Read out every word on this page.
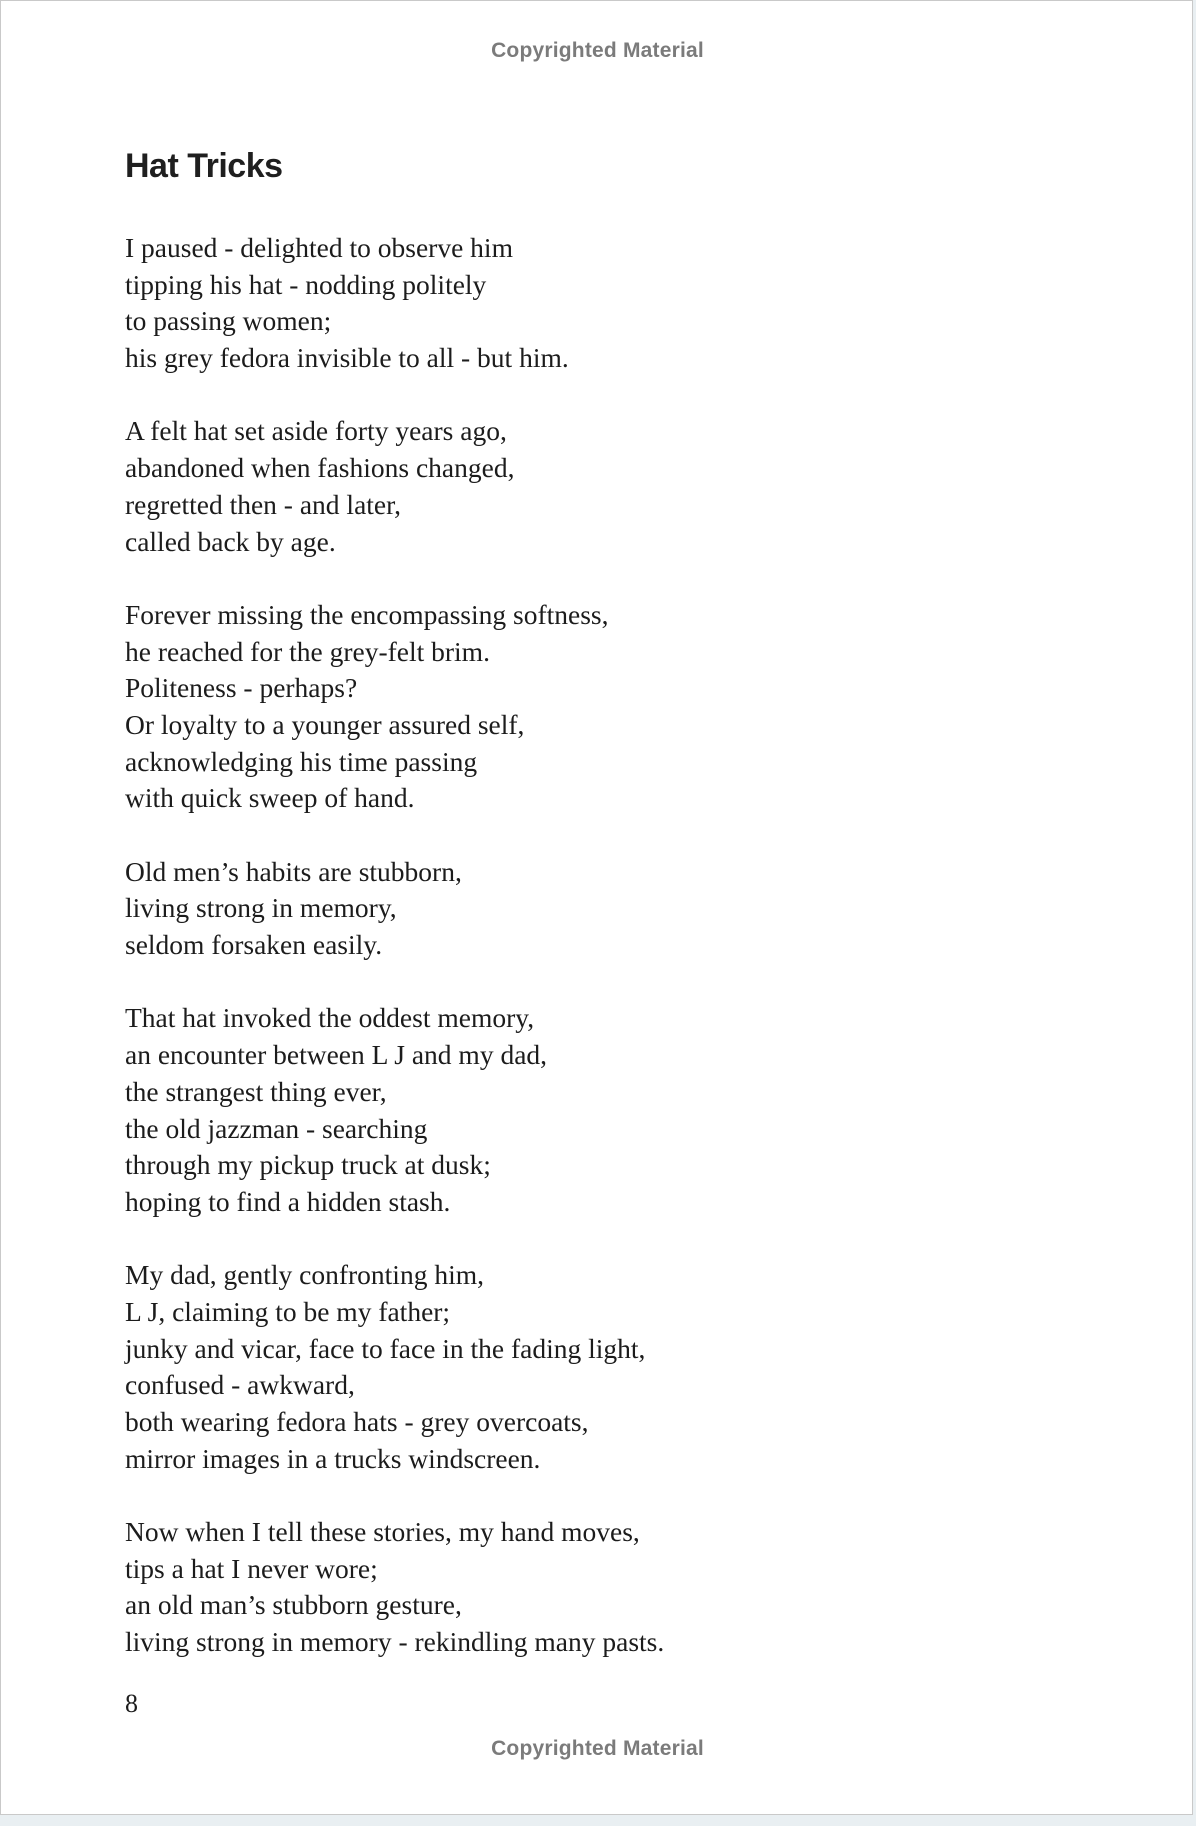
Copyrighted Material
Hat Tricks
I paused - delighted to observe him
tipping his hat - nodding politely
to passing women;
his grey fedora invisible to all - but him.
A felt hat set aside forty years ago,
abandoned when fashions changed,
regretted then - and later,
called back by age.
Forever missing the encompassing softness,
he reached for the grey-felt brim.
Politeness - perhaps?
Or loyalty to a younger assured self,
acknowledging his time passing
with quick sweep of hand.
Old men’s habits are stubborn,
living strong in memory,
seldom forsaken easily.
That hat invoked the oddest memory,
an encounter between L J and my dad,
the strangest thing ever,
the old jazzman - searching
through my pickup truck at dusk;
hoping to find a hidden stash.
My dad, gently confronting him,
L J, claiming to be my father;
junky and vicar, face to face in the fading light,
confused - awkward,
both wearing fedora hats - grey overcoats,
mirror images in a trucks windscreen.
Now when I tell these stories, my hand moves,
tips a hat I never wore;
an old man’s stubborn gesture,
living strong in memory - rekindling many pasts.
8
Copyrighted Material
